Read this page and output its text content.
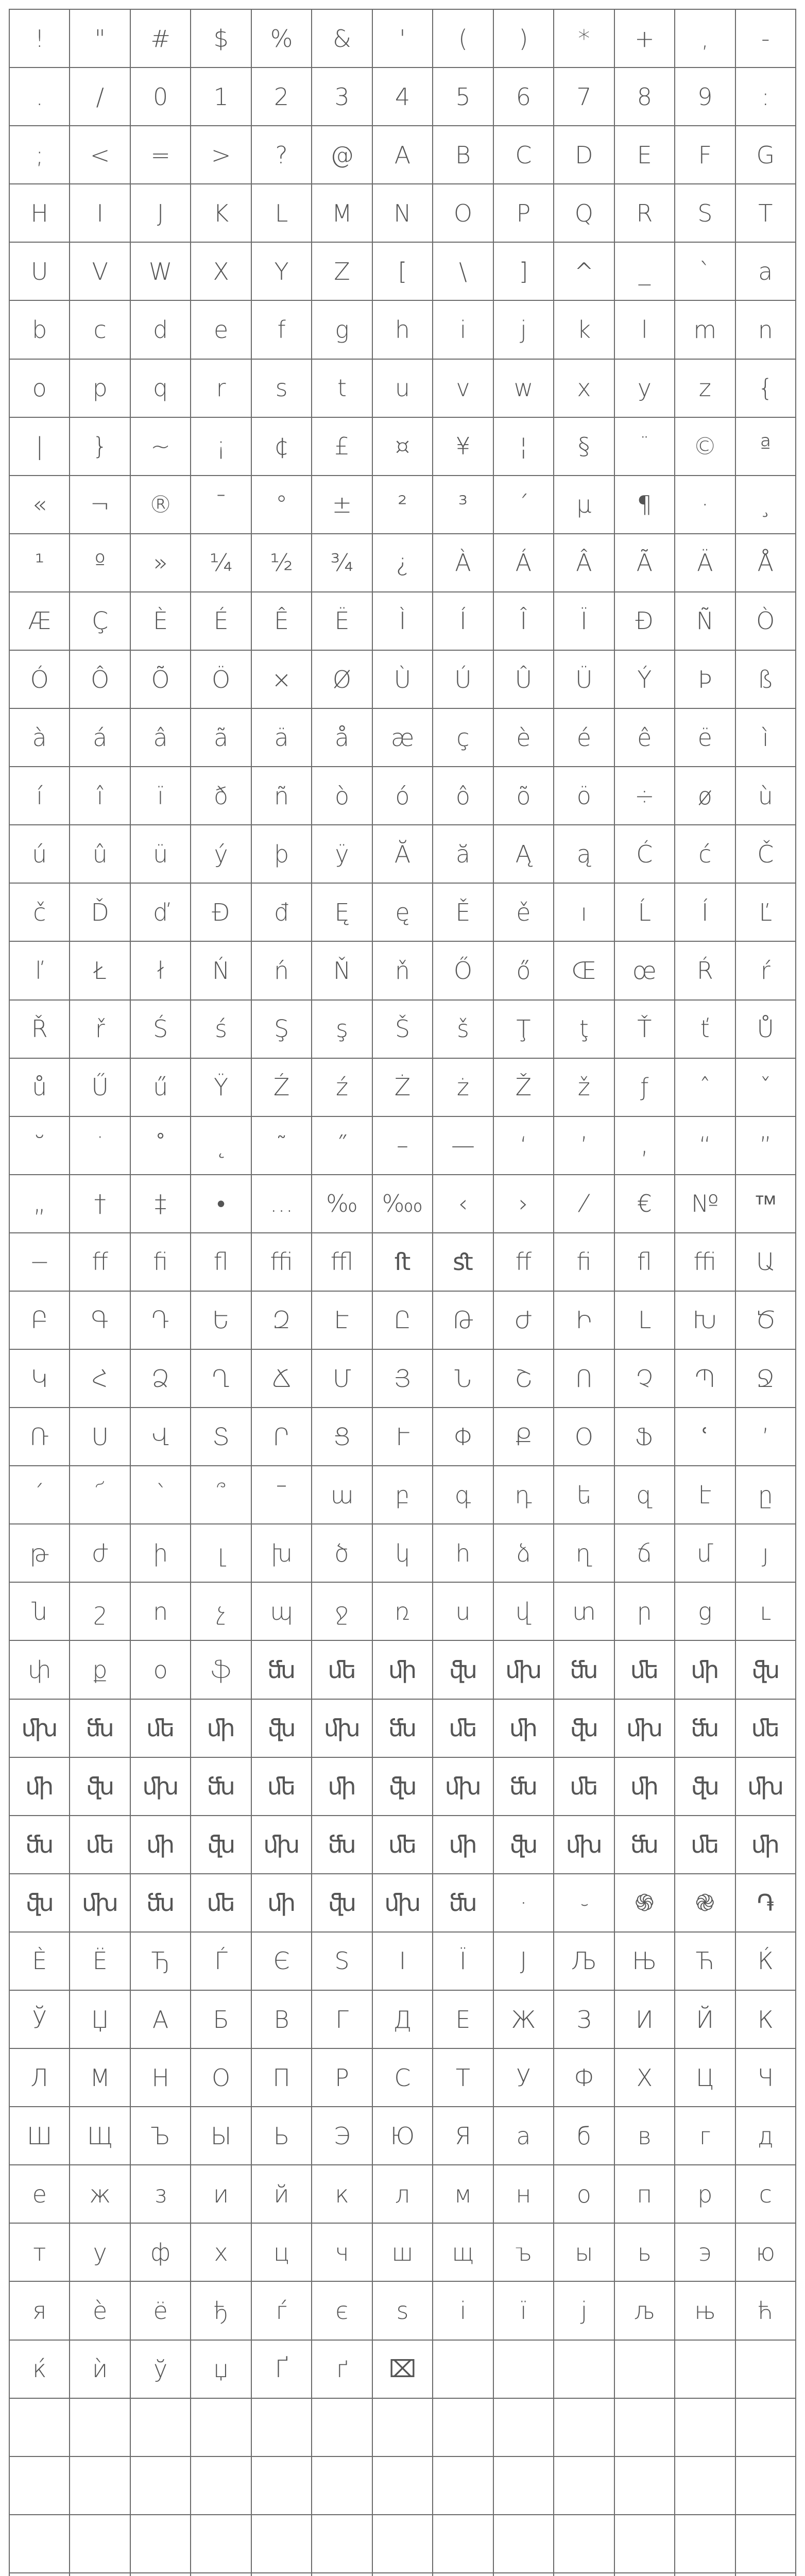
!	"	#	$	%	&	'	(	)	*	+	,	-
.	/	0	1	2	3	4	5	6	7	8	9	:
;	<	=	>	?	@	A	B	C	D	E	F	G
H	I	J	K	L	M	N	O	P	Q	R	S	T
U	V	W	X	Y	Z	[	\	]	^	_	`	a
b	c	d	e	f	g	h	i	j	k	l	m	n
o	p	q	r	s	t	u	v	w	x	y	z	{
|	}	~	¡	¢	£	¤	¥	¦	§	¨	©	ª
«	¬	®	¯	°	±	²	³	´	µ	¶	·	¸
¹	º	»	¼	½	¾	¿	À	Á	Â	Ã	Ä	Å
Æ	Ç	È	É	Ê	Ë	Ì	Í	Î	Ï	Ð	Ñ	Ò
Ó	Ô	Õ	Ö	×	Ø	Ù	Ú	Û	Ü	Ý	Þ	ß
à	á	â	ã	ä	å	æ	ç	è	é	ê	ë	ì
í	î	ï	ð	ñ	ò	ó	ô	õ	ö	÷	ø	ù
ú	û	ü	ý	þ	ÿ	Ă	ă	Ą	ą	Ć	ć	Č
č	Ď	ď	Đ	đ	Ę	ę	Ě	ě	ı	Ĺ	Í	Ľ
ľ	Ł	ł	Ń	ń	Ň	ň	Ő	ő	Œ	œ	Ŕ	ŕ
Ř	ř	Ś	ś	Ş	ş	Š	š	Ţ	ţ	Ť	ť	Ů
ů	Ű	ű	Ÿ	Ź	ź	Ż	ż	Ž	ž	ƒ	ˆ	ˇ
˘	˙	˚	˛	˜	˝	–	—	‘	’	‚	“	”
„	†	‡	•	…	‰	‱	‹	›	⁄	€	№	™
−	ﬀ	ﬁ	ﬂ	ﬃ	ﬄ	ﬅ	ﬆ	ﬀ	ﬁ	ﬂ	ﬃ	Ա
Բ	Գ	Դ	Ե	Զ	Է	Ը	Թ	Ժ	Ի	Լ	Խ	Ծ
Կ	Հ	Ձ	Ղ	Ճ	Մ	Յ	Ն	Շ	Ո	Չ	Պ	Ջ
Ռ	Ս	Վ	Տ	Ր	Ց	Ւ	Փ	Ք	Օ	Ֆ	ՙ	՚
՛	՜	՝	՞	՟	ա	բ	գ	դ	ե	զ	է	ը
թ	ժ	ի	լ	խ	ծ	կ	հ	ձ	ղ	ճ	մ	յ
ն	շ	ո	չ	պ	ջ	ռ	ս	վ	տ	ր	ց	ւ
փ	ք	օ	ֆ	ﬓ	ﬔ	ﬕ	ﬖ	ﬗ	ﬓ	ﬔ	ﬕ	ﬖ
ﬗ	ﬓ	ﬔ	ﬕ	ﬖ	ﬗ	ﬓ	ﬔ	ﬕ	ﬖ	ﬗ	ﬓ	ﬔ
ﬕ	ﬖ	ﬗ	ﬓ	ﬔ	ﬕ	ﬖ	ﬗ	ﬓ	ﬔ	ﬕ	ﬖ	ﬗ
ﬓ	ﬔ	ﬕ	ﬖ	ﬗ	ﬓ	ﬔ	ﬕ	ﬖ	ﬗ	ﬓ	ﬔ	ﬕ
ﬖ	ﬗ	ﬓ	ﬔ	ﬕ	ﬖ	ﬗ	ﬓ	·	֊	֍	֎	֏
Ѐ	Ё	Ђ	Ѓ	Є	Ѕ	І	Ї	Ј	Љ	Њ	Ћ	Ќ
Ў	Џ	А	Б	В	Г	Д	Е	Ж	З	И	Й	К
Л	М	Н	О	П	Р	С	Т	У	Ф	Х	Ц	Ч
Ш	Щ	Ъ	Ы	Ь	Э	Ю	Я	а	б	в	г	д
е	ж	з	и	й	к	л	м	н	о	п	р	с
т	у	ф	х	ц	ч	ш	щ	ъ	ы	ь	э	ю
я	ѐ	ё	ђ	ѓ	є	ѕ	і	ї	ј	љ	њ	ћ
ќ	ѝ	ў	џ	Ґ	ґ	⌧
